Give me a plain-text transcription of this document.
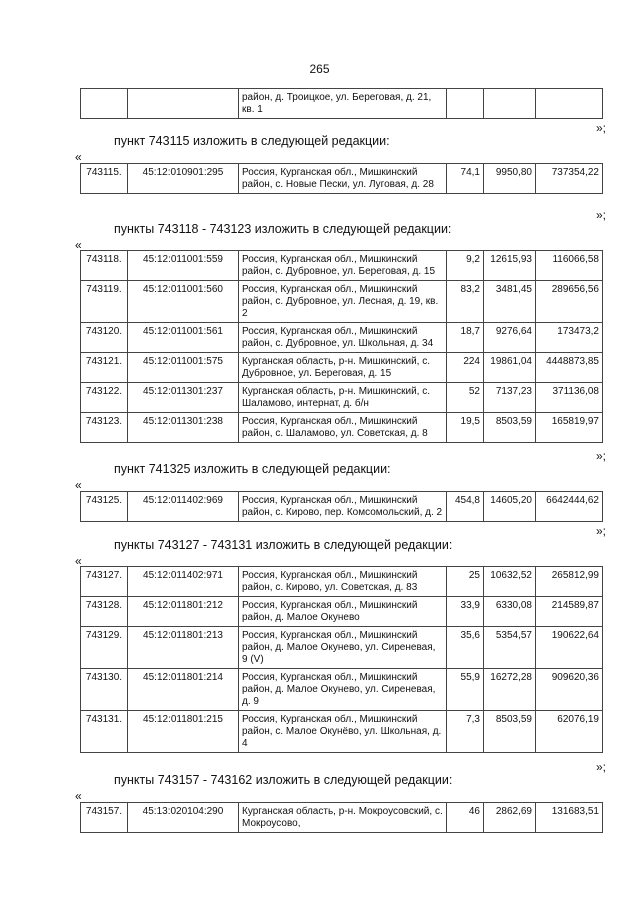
265
		район, д. Троицкое, ул. Береговая, д. 21, кв. 1			
»;
пункт 743115 изложить в следующей редакции:
«
743115.	45:12:010901:295	Россия, Курганская обл., Мишкинский район, с. Новые Пески, ул. Луговая, д. 28	74,1	9950,80	737354,22
»;
пункты 743118 - 743123 изложить в следующей редакции:
«
743118.	45:12:011001:559	Россия, Курганская обл., Мишкинский район, с. Дубровное, ул. Береговая, д. 15	9,2	12615,93	116066,58
743119.	45:12:011001:560	Россия, Курганская обл., Мишкинский район, с. Дубровное, ул. Лесная, д. 19, кв. 2	83,2	3481,45	289656,56
743120.	45:12:011001:561	Россия, Курганская обл., Мишкинский район, с. Дубровное, ул. Школьная, д. 34	18,7	9276,64	173473,2
743121.	45:12:011001:575	Курганская область, р-н. Мишкинский, с. Дубровное, ул. Береговая, д. 15	224	19861,04	4448873,85
743122.	45:12:011301:237	Курганская область, р-н. Мишкинский, с. Шаламово, интернат, д. б/н	52	7137,23	371136,08
743123.	45:12:011301:238	Россия, Курганская обл., Мишкинский район, с. Шаламово, ул. Советская, д. 8	19,5	8503,59	165819,97
»;
пункт 741325 изложить в следующей редакции:
«
743125.	45:12:011402:969	Россия, Курганская обл., Мишкинский район, с. Кирово, пер. Комсомольский, д. 2	454,8	14605,20	6642444,62
»;
пункты 743127 - 743131 изложить в следующей редакции:
«
743127.	45:12:011402:971	Россия, Курганская обл., Мишкинский район, с. Кирово, ул. Советская, д. 83	25	10632,52	265812,99
743128.	45:12:011801:212	Россия, Курганская обл., Мишкинский район, д. Малое Окунево	33,9	6330,08	214589,87
743129.	45:12:011801:213	Россия, Курганская обл., Мишкинский район, д. Малое Окунево, ул. Сиреневая, 9 (V)	35,6	5354,57	190622,64
743130.	45:12:011801:214	Россия, Курганская обл., Мишкинский район, д. Малое Окунево, ул. Сиреневая, д. 9	55,9	16272,28	909620,36
743131.	45:12:011801:215	Россия, Курганская обл., Мишкинский район, с. Малое Окунёво, ул. Школьная, д. 4	7,3	8503,59	62076,19
»;
пункты 743157 - 743162 изложить в следующей редакции:
«
743157.	45:13:020104:290	Курганская область, р-н. Мокроусовский, с. Мокроусово,	46	2862,69	131683,51
